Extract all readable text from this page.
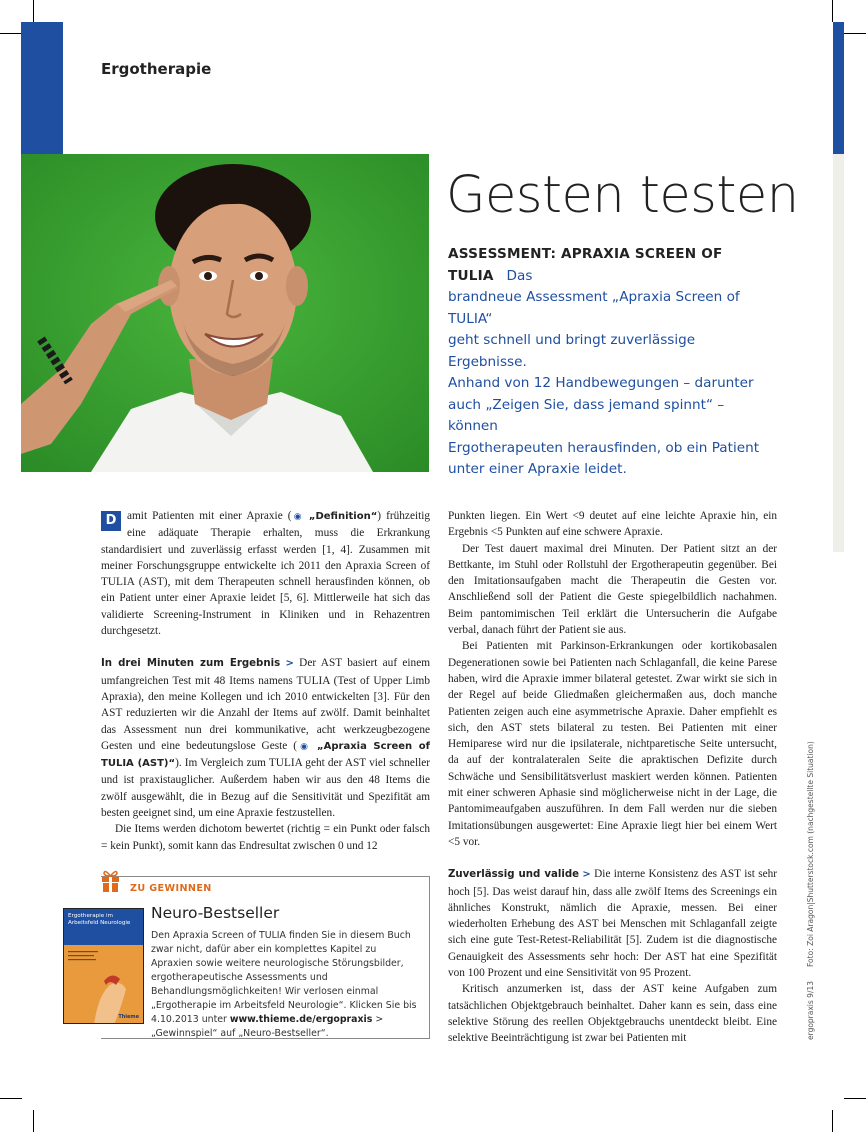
Ergotherapie
Gesten testen
ASSESSMENT: APRAXIA SCREEN OF TULIA Das
brandneue Assessment „Apraxia Screen of TULIA“
geht schnell und bringt zuverlässige Ergebnisse.
Anhand von 12 Handbewegungen – darunter
auch „Zeigen Sie, dass jemand spinnt“ – können
Ergotherapeuten herausfinden, ob ein Patient
unter einer Apraxie leidet.

D amit Patienten mit einer Apraxie (◉ „Definition“) frühzeitig eine adäquate Therapie erhalten, muss die Erkrankung standardisiert und zuverlässig erfasst werden [1, 4]. Zusammen mit meiner Forschungsgruppe entwickelte ich 2011 den Apraxia Screen of TULIA (AST), mit dem Therapeuten schnell herausfinden können, ob ein Patient unter einer Apraxie leidet [5, 6]. Mittlerweile hat sich das validierte Screening-Instrument in Kliniken und in Rehazentren durchgesetzt.

In drei Minuten zum Ergebnis > Der AST basiert auf einem umfangreichen Test mit 48 Items namens TULIA (Test of Upper Limb Apraxia), den meine Kollegen und ich 2010 entwickelten [3]. Für den AST reduzierten wir die Anzahl der Items auf zwölf. Damit beinhaltet das Assessment nun drei kommunikative, acht werkzeugbezogene Gesten und eine bedeutungslose Geste (◉ „Apraxia Screen of TULIA (AST)“). Im Vergleich zum TULIA geht der AST viel schneller und ist praxistauglicher. Außerdem haben wir aus den 48 Items die zwölf ausgewählt, die in Bezug auf die Sensitivität und Spezifität am besten geeignet sind, um eine Apraxie festzustellen.

Die Items werden dichotom bewertet (richtig = ein Punkt oder falsch = kein Punkt), somit kann das Endresultat zwischen 0 und 12

Punkten liegen. Ein Wert <9 deutet auf eine leichte Apraxie hin, ein Ergebnis <5 Punkten auf eine schwere Apraxie.

Der Test dauert maximal drei Minuten. Der Patient sitzt an der Bettkante, im Stuhl oder Rollstuhl der Ergotherapeutin gegenüber. Bei den Imitationsaufgaben macht die Therapeutin die Gesten vor. Anschließend soll der Patient die Geste spiegelbildlich nachahmen. Beim pantomimischen Teil erklärt die Untersucherin die Aufgabe verbal, danach führt der Patient sie aus.

Bei Patienten mit Parkinson-Erkrankungen oder kortikobasalen Degenerationen sowie bei Patienten nach Schlaganfall, die keine Parese haben, wird die Apraxie immer bilateral getestet. Zwar wirkt sie sich in der Regel auf beide Gliedmaßen gleichermaßen aus, doch manche Patienten zeigen auch eine asymmetrische Apraxie. Daher empfiehlt es sich, den AST stets bilateral zu testen. Bei Patienten mit einer Hemiparese wird nur die ipsilaterale, nichtparetische Seite untersucht, da auf der kontralateralen Seite die apraktischen Defizite durch Schwäche und Sensibilitätsverlust maskiert werden können. Patienten mit einer schweren Aphasie sind möglicherweise nicht in der Lage, die Pantomimeaufgaben auszuführen. In dem Fall werden nur die sieben Imitationsübungen ausgewertet: Eine Apraxie liegt hier bei einem Wert <5 vor.

Zuverlässig und valide > Die interne Konsistenz des AST ist sehr hoch [5]. Das weist darauf hin, dass alle zwölf Items des Screenings ein ähnliches Konstrukt, nämlich die Apraxie, messen. Bei einer wiederholten Erhebung des AST bei Menschen mit Schlaganfall zeigte sich eine gute Test-Retest-Reliabilität [5]. Zudem ist die diagnostische Genauigkeit des Assessments sehr hoch: Der AST hat eine Spezifität von 100 Prozent und eine Sensitivität von 95 Prozent.

Kritisch anzumerken ist, dass der AST keine Aufgaben zum tatsächlichen Objektgebrauch beinhaltet. Daher kann es sein, dass eine selektive Störung des reellen Objektgebrauchs unentdeckt bleibt. Eine selektive Beeinträchtigung ist zwar bei Patienten mit

ZU GEWINNEN
Neuro-Bestseller
Den Apraxia Screen of TULIA finden Sie in diesem Buch zwar nicht, dafür aber ein komplettes Kapitel zu Apraxien sowie weitere neurologische Störungsbilder, ergotherapeutische Assessments und Behandlungsmöglichkeiten! Wir verlosen einmal „Ergotherapie im Arbeitsfeld Neurologie“. Klicken Sie bis 4.10.2013 unter www.thieme.de/ergopraxis > „Gewinnspiel“ auf „Neuro-Bestseller“.
Ergotherapie im Arbeitsfeld Neurologie
Thieme	ergopraxis 9/13Foto: Zoi Aragon|Shutterstock.com (nachgestellte Situation)
